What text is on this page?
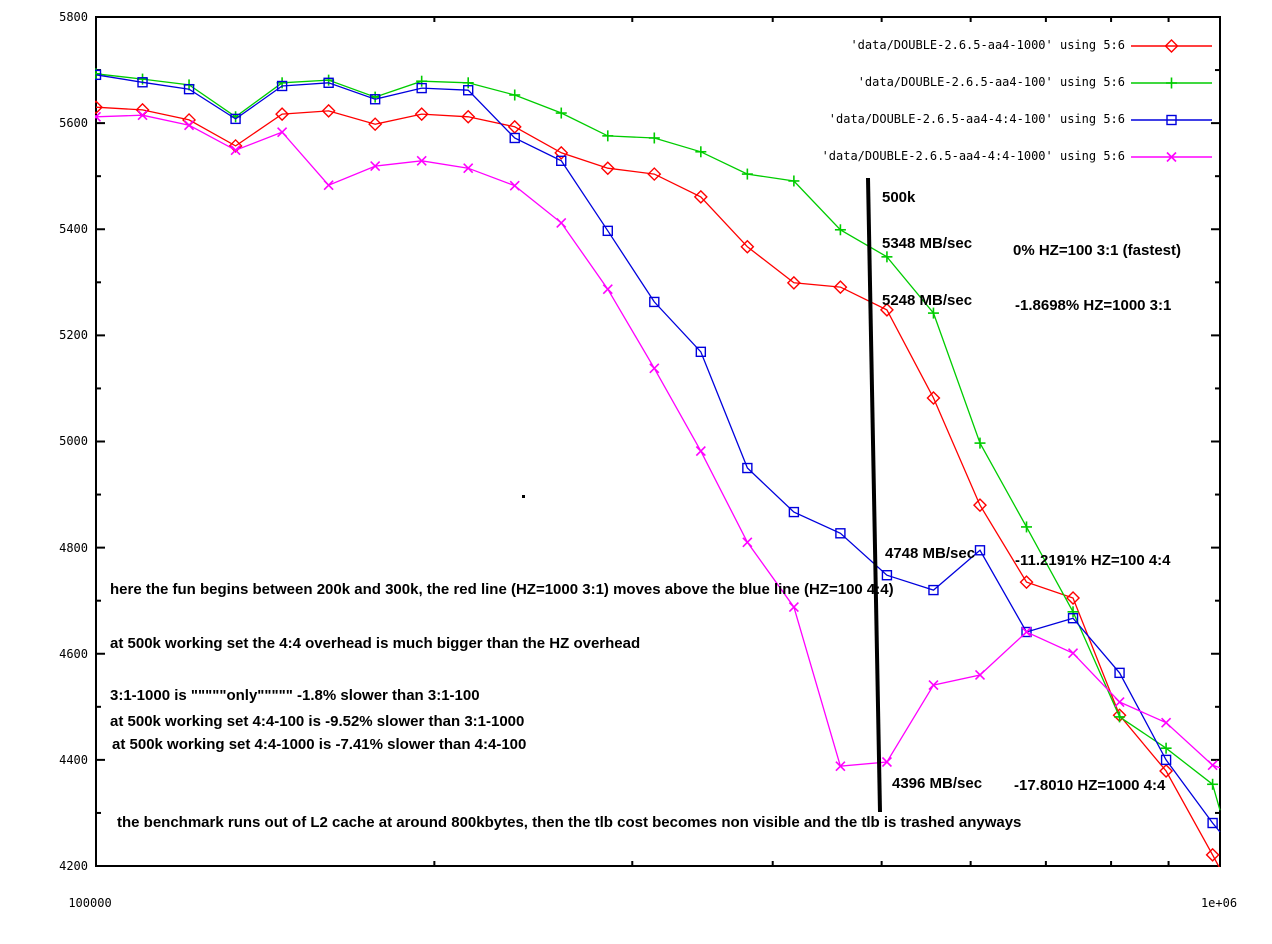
5800
5600
5400
5200
5000
4800
4600
4400
4200
100000	1e+06
'data/DOUBLE-2.6.5-aa4-1000' using 5:6
'data/DOUBLE-2.6.5-aa4-100' using 5:6
'data/DOUBLE-2.6.5-aa4-4:4-100' using 5:6
'data/DOUBLE-2.6.5-aa4-4:4-1000' using 5:6
500k
5348 MB/sec	0% HZ=100 3:1 (fastest)
5248 MB/sec	-1.8698% HZ=1000 3:1
4748 MB/sec	-11.2191% HZ=100 4:4
4396 MB/sec -17.8010 HZ=1000 4:4
here the fun begins between 200k and 300k, the red line (HZ=1000 3:1) moves above the blue line (HZ=100 4:4)
at 500k working set the 4:4 overhead is much bigger than the HZ overhead
3:1-1000 is """""only""""" -1.8% slower than 3:1-100
at 500k working set 4:4-100 is -9.52% slower than 3:1-1000
at 500k working set 4:4-1000 is -7.41% slower than 4:4-100
the benchmark runs out of L2 cache at around 800kbytes, then the tlb cost becomes non visible and the tlb is trashed anyways
